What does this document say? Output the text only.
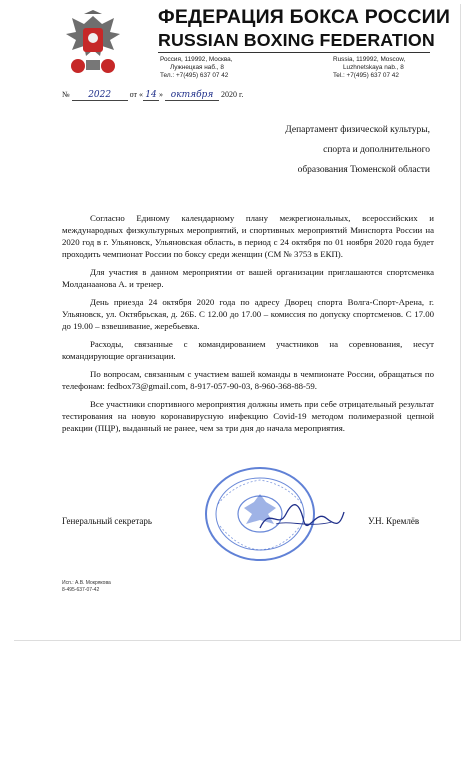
ФЕДЕРАЦИЯ БОКСА РОССИИ
RUSSIAN BOXING FEDERATION
Россия, 119992, Москва,
Лужнецкая наб., 8
Тел.: +7(495) 637 07 42
Russia, 119992, Moscow,
Luzhnetskaya nab., 8
Tel.: +7(495) 637 07 42
№ 2022 от « 14 » октября 2020 г.
Департамент физической культуры,
спорта и дополнительного
образования Тюменской области

Согласно Единому календарному плану межрегиональных, всероссийских и международных физкультурных мероприятий, и спортивных мероприятий Минспорта России на 2020 год в г. Ульяновск, Ульяновская область, в период с 24 октября по 01 ноября 2020 года будет проходить чемпионат России по боксу среди женщин (СМ № 3753 в ЕКП).

Для участия в данном мероприятии от вашей организации приглашаются спортсменка Молданаанова А. и тренер.

День приезда 24 октября 2020 года по адресу Дворец спорта Волга-Спорт-Арена, г. Ульяновск, ул. Октябрьская, д. 26Б. С 12.00 до 17.00 – комиссия по допуску спортсменов. С 17.00 до 19.00 – взвешивание, жеребьевка.

Расходы, связанные с командированием участников на соревнования, несут командирующие организации.

По вопросам, связанным с участием вашей команды в чемпионате России, обращаться по телефонам: fedbox73@gmail.com, 8-917-057-90-03, 8-960-368-88-59.

Все участники спортивного мероприятия должны иметь при себе отрицательный результат тестирования на новую коронавирусную инфекцию Covid-19 методом полимеразной цепной реакции (ПЦР), выданный не ранее, чем за три дня до начала мероприятия.

Генеральный секретарь	У.Н. Кремлёв
Исп.: А.В. Мокрякова
8-495-637-07-42
